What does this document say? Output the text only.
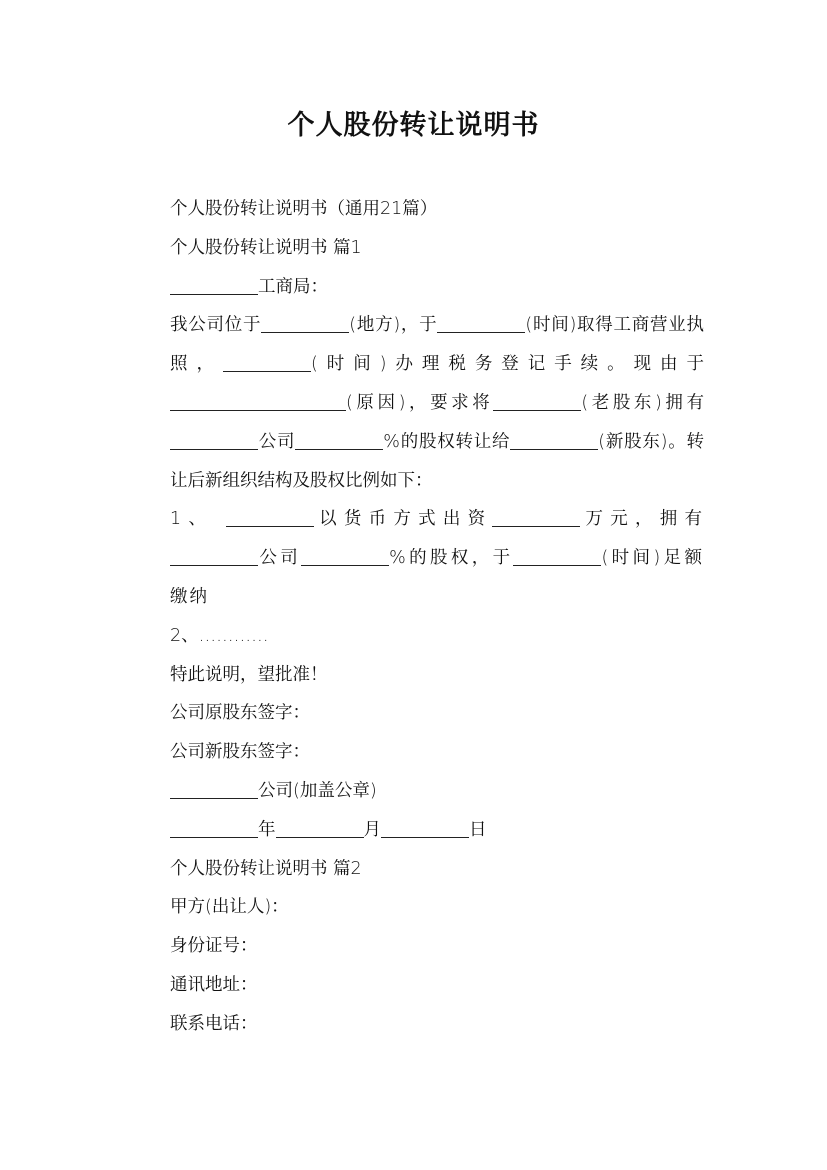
个人股份转让说明书

个人股份转让说明书（通用21篇）

个人股份转让说明书 篇1

工商局：

我公司位于	(地方)，于	(时间)取得工商营业执照，	(时间)办理税务登记手续。现由于(原因)，要求将	(老股东)拥有公司	%的股权转让给	(新股东)。转让后新组织结构及股权比例如下：

1、	以货币方式出资	万元，拥有公司	%的股权，于	(时间)足额缴纳

2、…………

特此说明，望批准！

公司原股东签字：

公司新股东签字：

公司(加盖公章)

年	月	日

个人股份转让说明书 篇2

甲方(出让人)：

身份证号：

通讯地址：

联系电话：
